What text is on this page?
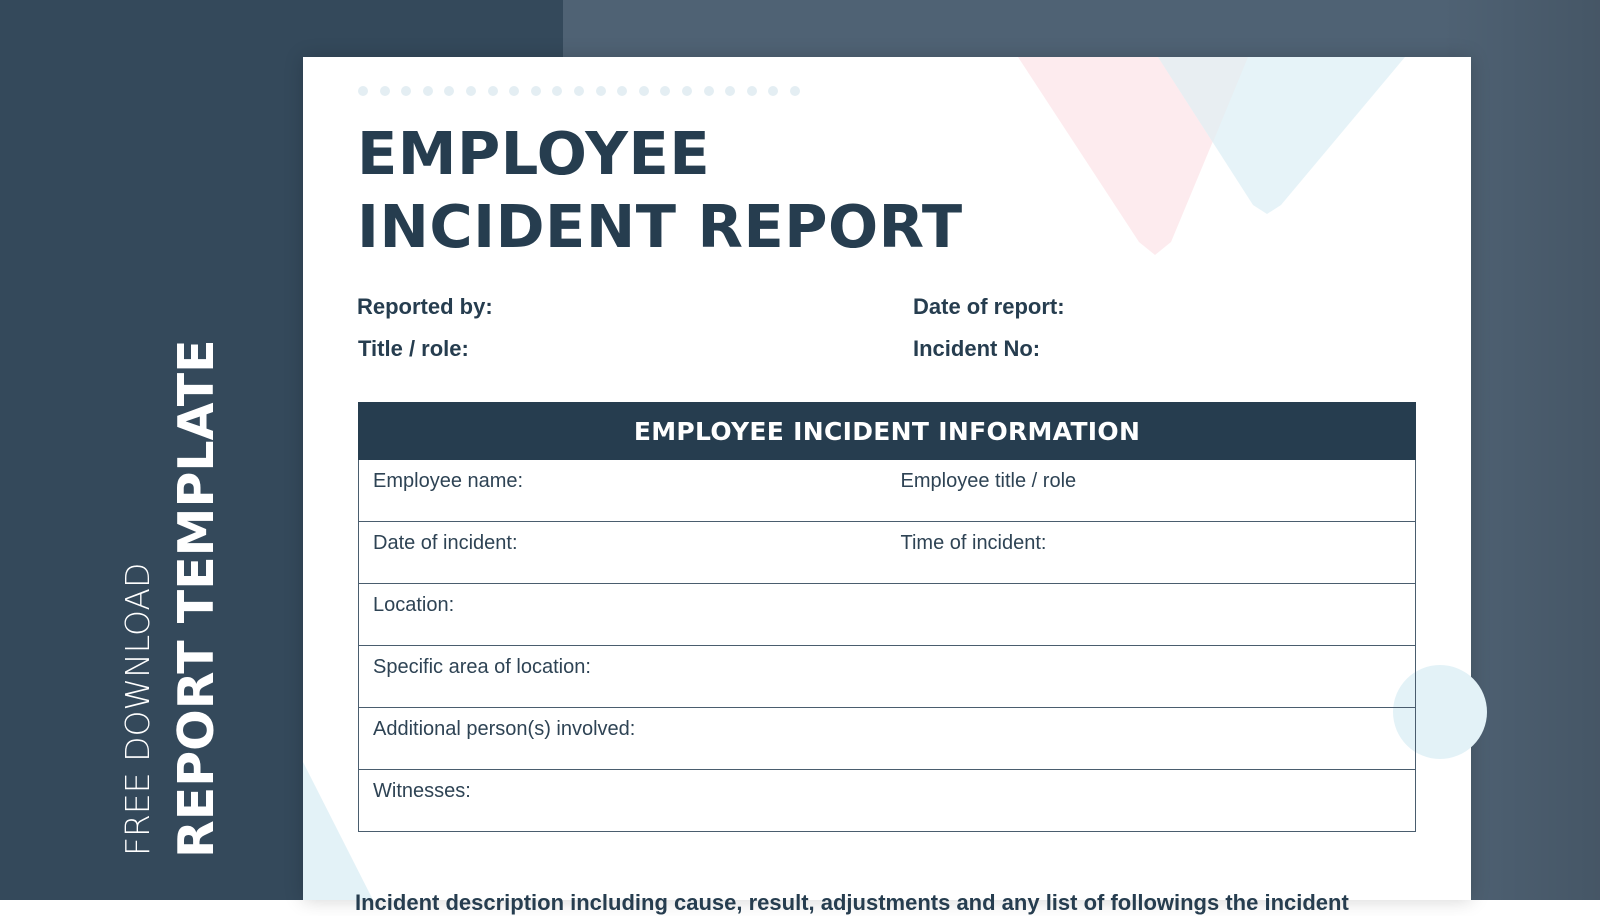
FREE DOWNLOAD REPORT TEMPLATE
EMPLOYEE
INCIDENT REPORT
Reported by:
Title / role:
Date of report:
Incident No:
EMPLOYEE INCIDENT INFORMATION	
Employee name:	Employee title / role
Date of incident:	Time of incident:
Location:	
Specific area of location:	
Additional person(s) involved:	
Witnesses:	
Incident description including cause, result, adjustments and any list of followings the incident
